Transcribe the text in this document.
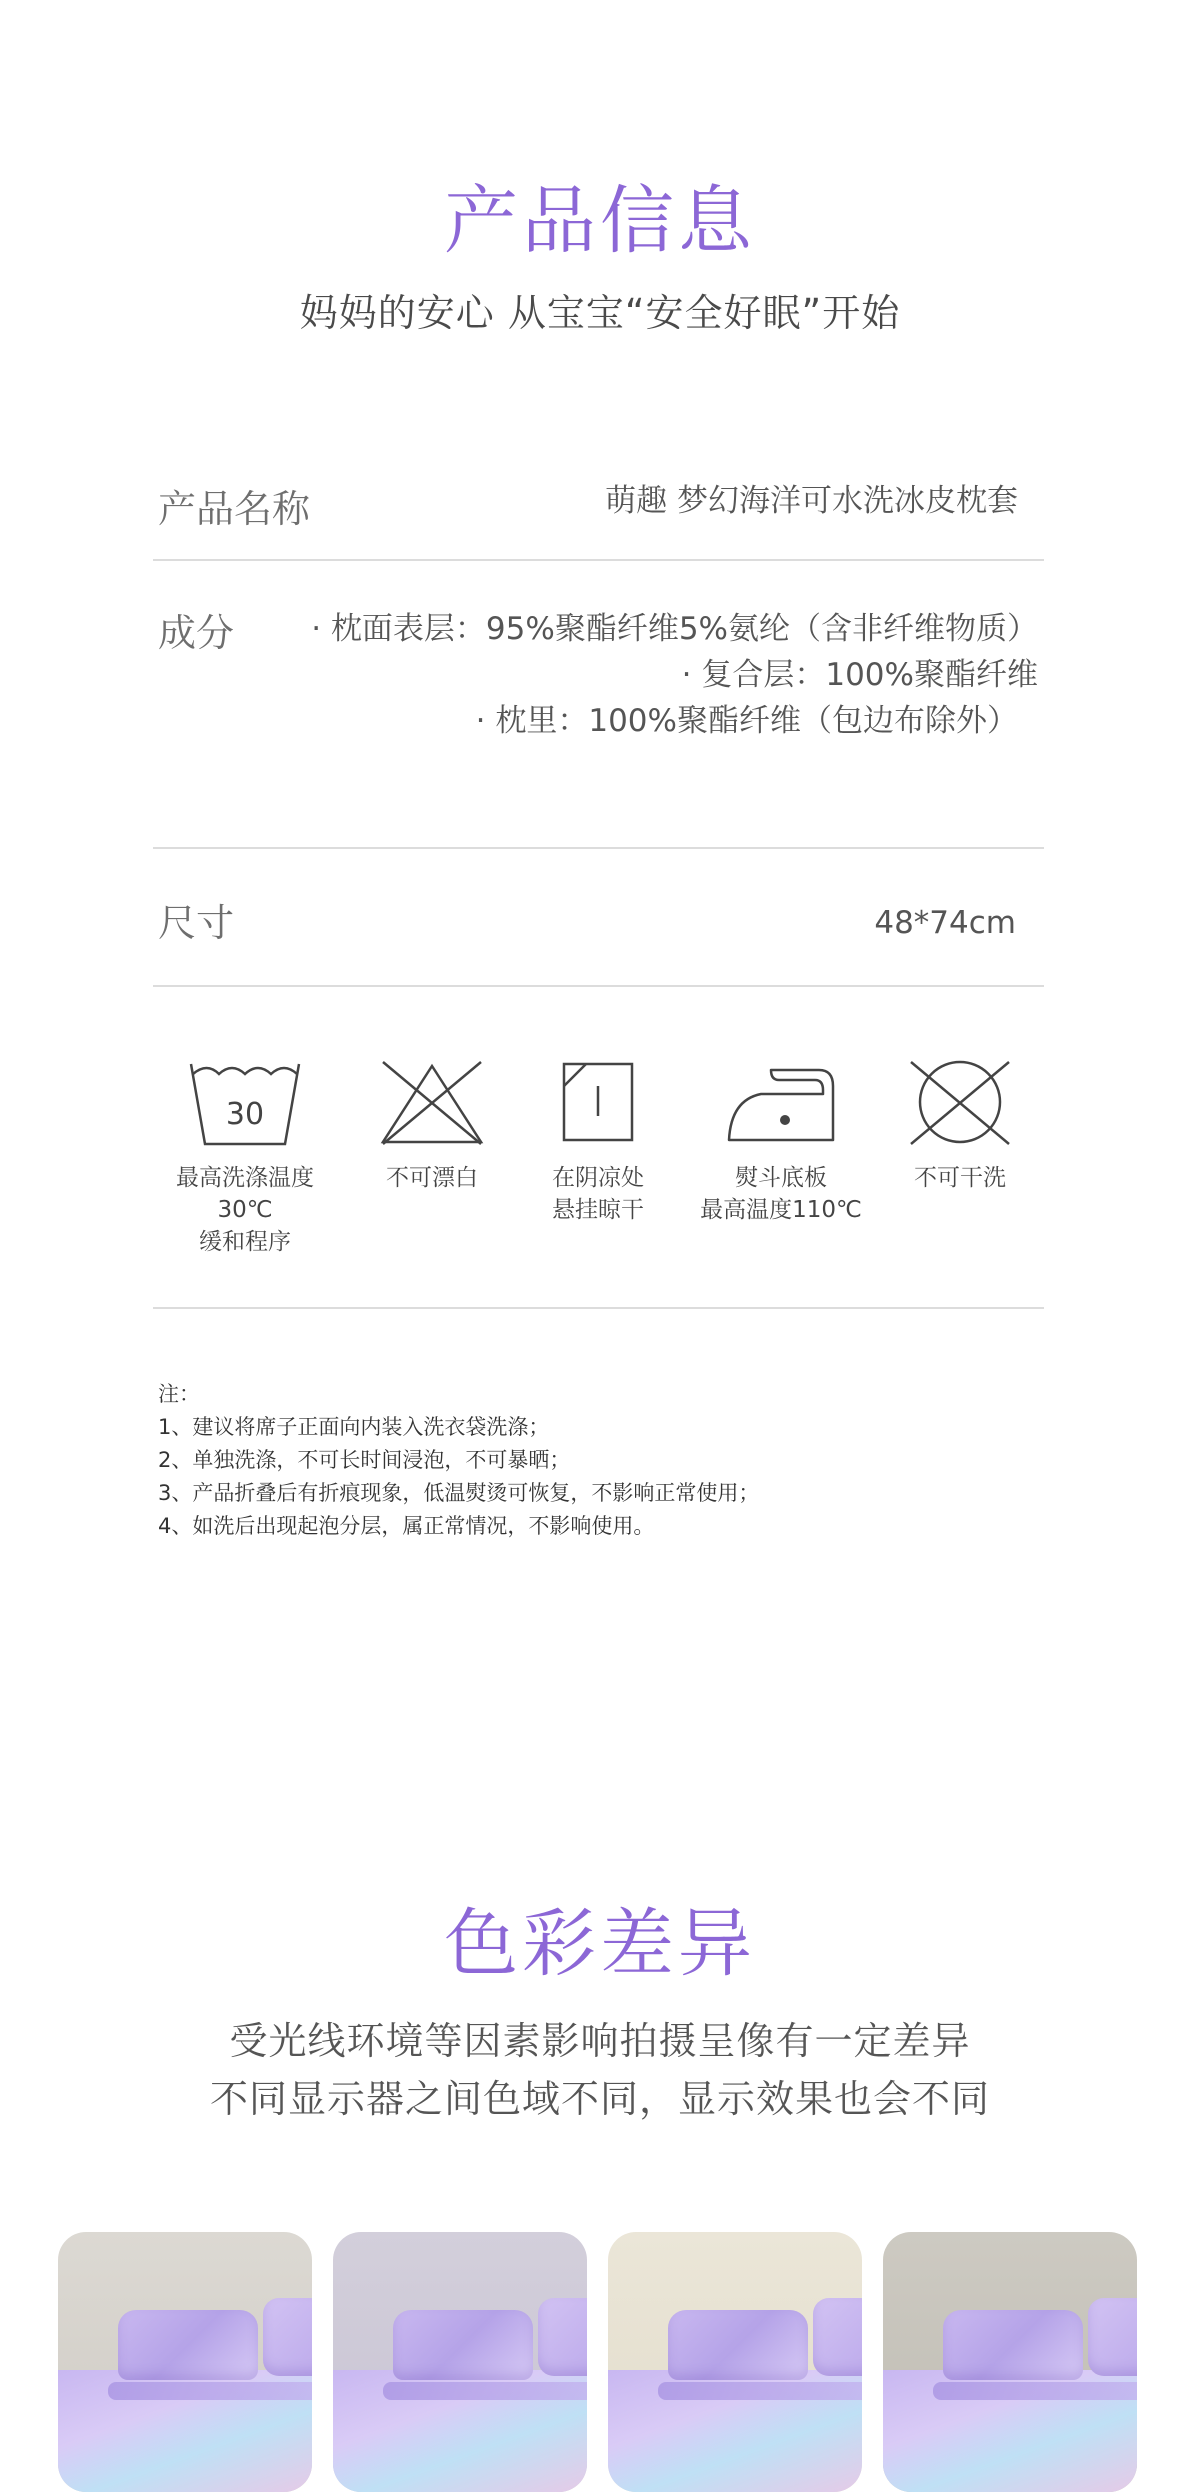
产品信息
妈妈的安心 从宝宝“安全好眠”开始
产品名称	萌趣 梦幻海洋可水洗冰皮枕套
成分 · 枕面表层：95%聚酯纤维5%氨纶（含非纤维物质）
· 复合层：100%聚酯纤维
· 枕里：100%聚酯纤维（包边布除外）
尺寸	48*74cm
30
最高洗涤温度30℃
缓和程序
不可漂白	在阴凉处
悬挂晾干
熨斗底板
最高温度110℃
不可干洗
注：
1、建议将席子正面向内装入洗衣袋洗涤；
2、单独洗涤，不可长时间浸泡，不可暴晒；
3、产品折叠后有折痕现象，低温熨烫可恢复，不影响正常使用；
4、如洗后出现起泡分层，属正常情况，不影响使用。
色彩差异
受光线环境等因素影响拍摄呈像有一定差异
不同显示器之间色域不同，显示效果也会不同
